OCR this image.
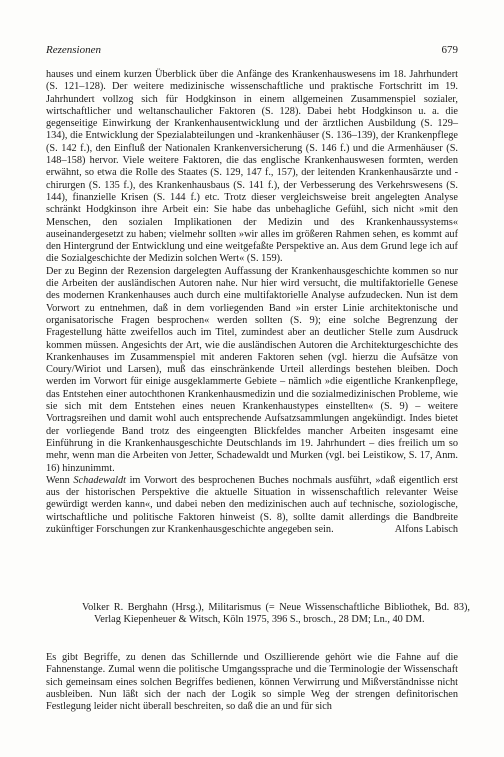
Rezensionen	679

hauses und einem kurzen Überblick über die Anfänge des Krankenhauswesens im 18. Jahrhundert (S. 121–128). Der weitere medizinische wissenschaftliche und praktische Fortschritt im 19. Jahrhundert vollzog sich für Hodgkinson in einem allgemeinen Zusammenspiel sozialer, wirtschaftlicher und weltanschaulicher Faktoren (S. 128). Dabei hebt Hodgkinson u. a. die gegenseitige Einwirkung der Krankenhausentwicklung und der ärztlichen Ausbildung (S. 129–134), die Entwicklung der Spezialabteilungen und -krankenhäuser (S. 136–139), der Krankenpflege (S. 142 f.), den Einfluß der Nationalen Krankenversicherung (S. 146 f.) und die Armenhäuser (S. 148–158) hervor. Viele weitere Faktoren, die das englische Krankenhauswesen formten, werden erwähnt, so etwa die Rolle des Staates (S. 129, 147 f., 157), der leitenden Krankenhausärzte und -chirurgen (S. 135 f.), des Krankenhausbaus (S. 141 f.), der Verbesserung des Verkehrswesens (S. 144), finanzielle Krisen (S. 144 f.) etc. Trotz dieser vergleichsweise breit angelegten Analyse schränkt Hodgkinson ihre Arbeit ein: Sie habe das unbehagliche Gefühl, sich nicht »mit den Menschen, den sozialen Implikationen der Medizin und des Krankenhaussystems« auseinandergesetzt zu haben; vielmehr sollten »wir alles im größeren Rahmen sehen, es kommt auf den Hintergrund der Entwicklung und eine weitgefaßte Perspektive an. Aus dem Grund lege ich auf die Sozialgeschichte der Medizin solchen Wert« (S. 159).

Der zu Beginn der Rezension dargelegten Auffassung der Krankenhausgeschichte kommen so nur die Arbeiten der ausländischen Autoren nahe. Nur hier wird versucht, die multifaktorielle Genese des modernen Krankenhauses auch durch eine multifaktorielle Analyse aufzudecken. Nun ist dem Vorwort zu entnehmen, daß in dem vorliegenden Band »in erster Linie architektonische und organisatorische Fragen besprochen« werden sollten (S. 9); eine solche Begrenzung der Fragestellung hätte zweifellos auch im Titel, zumindest aber an deutlicher Stelle zum Ausdruck kommen müssen. Angesichts der Art, wie die ausländischen Autoren die Architekturgeschichte des Krankenhauses im Zusammenspiel mit anderen Faktoren sehen (vgl. hierzu die Aufsätze von Coury/Wiriot und Larsen), muß das einschränkende Urteil allerdings bestehen bleiben. Doch werden im Vorwort für einige ausgeklammerte Gebiete – nämlich »die eigentliche Krankenpflege, das Entstehen einer autochthonen Krankenhausmedizin und die sozialmedizinischen Probleme, wie sie sich mit dem Entstehen eines neuen Krankenhaustypes einstellten« (S. 9) – weitere Vortragsreihen und damit wohl auch entsprechende Aufsatzsammlungen angekündigt. Indes bietet der vorliegende Band trotz des eingeengten Blickfeldes mancher Arbeiten insgesamt eine Einführung in die Krankenhausgeschichte Deutschlands im 19. Jahrhundert – dies freilich um so mehr, wenn man die Arbeiten von Jetter, Schadewaldt und Murken (vgl. bei Leistikow, S. 17, Anm. 16) hinzunimmt.

Wenn Schadewaldt im Vorwort des besprochenen Buches nochmals ausführt, »daß eigentlich erst aus der historischen Perspektive die aktuelle Situation in wissenschaftlich relevanter Weise gewürdigt werden kann«, und dabei neben den medizinischen auch auf technische, soziologische, wirtschaftliche und politische Faktoren hinweist (S. 8), sollte damit allerdings die Bandbreite zukünftiger Forschungen zur Krankenhausgeschichte angegeben sein.	Alfons Labisch
Volker R. Berghahn (Hrsg.), Militarismus (= Neue Wissenschaftliche Bibliothek, Bd. 83), Verlag Kiepenheuer & Witsch, Köln 1975, 396 S., brosch., 28 DM; Ln., 40 DM.

Es gibt Begriffe, zu denen das Schillernde und Oszillierende gehört wie die Fahne auf die Fahnenstange. Zumal wenn die politische Umgangssprache und die Terminologie der Wissenschaft sich gemeinsam eines solchen Begriffes bedienen, können Verwirrung und Mißverständnisse nicht ausbleiben. Nun läßt sich der nach der Logik so simple Weg der strengen definitorischen Festlegung leider nicht überall beschreiten, so daß die an und für sich
